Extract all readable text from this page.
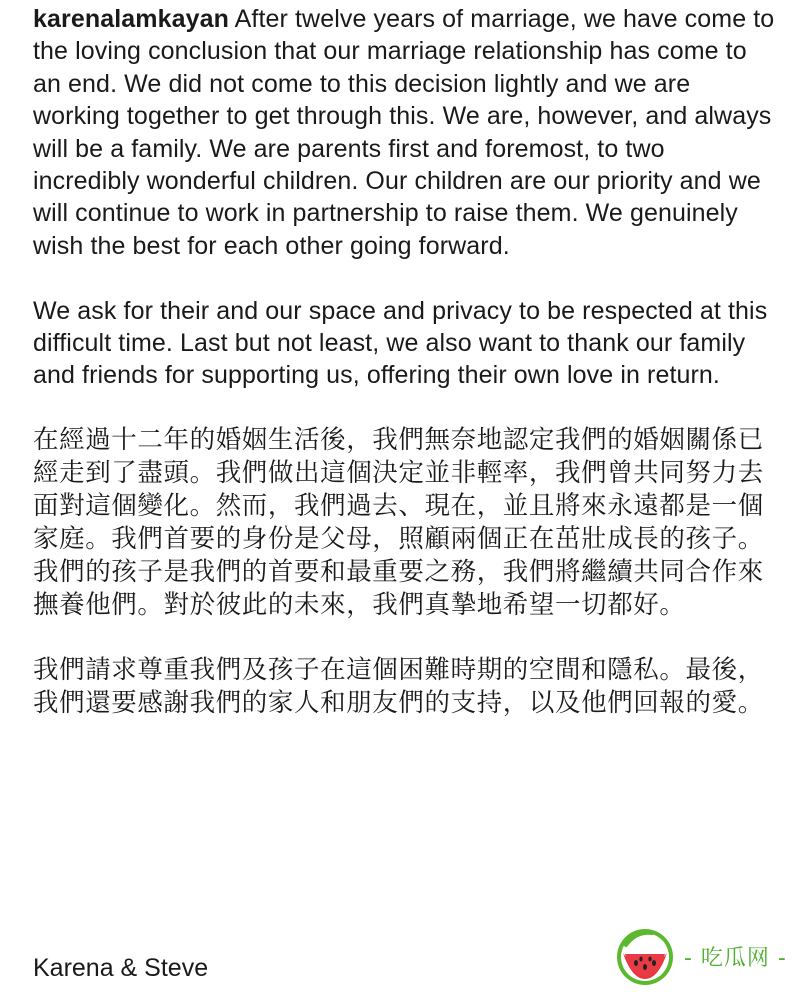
karenalamkayan After twelve years of marriage, we have come to the loving conclusion that our marriage relationship has come to an end. We did not come to this decision lightly and we are working together to get through this. We are, however, and always will be a family. We are parents first and foremost, to two incredibly wonderful children. Our children are our priority and we will continue to work in partnership to raise them. We genuinely wish the best for each other going forward.

We ask for their and our space and privacy to be respected at this difficult time. Last but not least, we also want to thank our family and friends for supporting us, offering their own love in return.

在經過十二年的婚姻生活後，我們無奈地認定我們的婚姻關係已經走到了盡頭。我們做出這個決定並非輕率，我們曾共同努力去面對這個變化。然而，我們過去、現在，並且將來永遠都是一個家庭。我們首要的身份是父母，照顧兩個正在茁壯成長的孩子。我們的孩子是我們的首要和最重要之務，我們將繼續共同合作來撫養他們。對於彼此的未來，我們真摯地希望一切都好。

我們請求尊重我們及孩子在這個困難時期的空間和隱私。最後，我們還要感謝我們的家人和朋友們的支持，以及他們回報的愛。

Karena & Steve	- 吃瓜网 -
